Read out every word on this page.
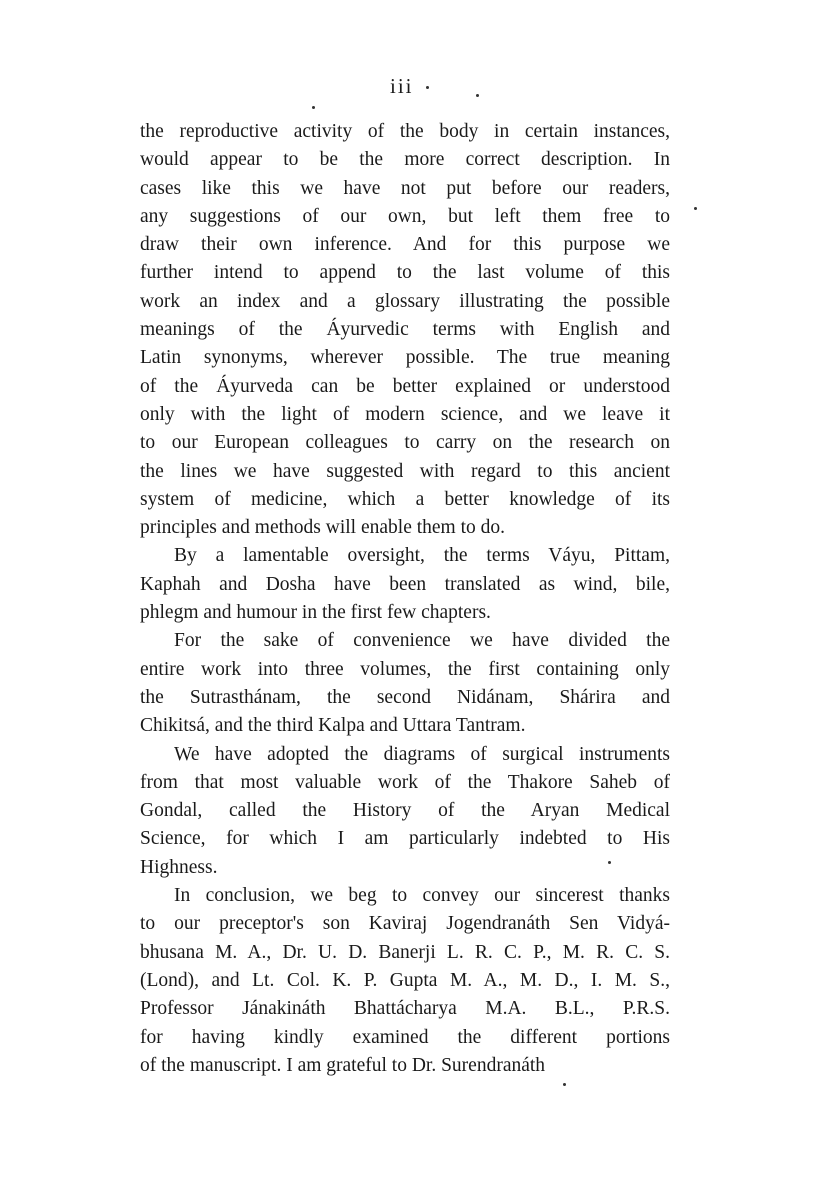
iii
the reproductive activity of the body in certain instances,
would appear to be the more correct description. In
cases like this we have not put before our readers,
any suggestions of our own, but left them free to
draw their own inference. And for this purpose we
further intend to append to the last volume of this
work an index and a glossary illustrating the possible
meanings of the Áyurvedic terms with English and
Latin synonyms, wherever possible. The true meaning
of the Áyurveda can be better explained or understood
only with the light of modern science, and we leave it
to our European colleagues to carry on the research on
the lines we have suggested with regard to this ancient
system of medicine, which a better knowledge of its
principles and methods will enable them to do.
By a lamentable oversight, the terms Váyu, Pittam,
Kaphah and Dosha have been translated as wind, bile,
phlegm and humour in the first few chapters.
For the sake of convenience we have divided the
entire work into three volumes, the first containing only
the Sutrasthánam, the second Nidánam, Shárira and
Chikitsá, and the third Kalpa and Uttara Tantram.
We have adopted the diagrams of surgical instruments
from that most valuable work of the Thakore Saheb of
Gondal, called the History of the Aryan Medical
Science, for which I am particularly indebted to His
Highness.
In conclusion, we beg to convey our sincerest thanks
to our preceptor's son Kaviraj Jogendranáth Sen Vidyá-
bhusana M. A., Dr. U. D. Banerji L. R. C. P., M. R. C. S.
(Lond), and Lt. Col. K. P. Gupta M. A., M. D., I. M. S.,
Professor Jánakináth Bhattácharya M.A. B.L., P.R.S.
for having kindly examined the different portions
of the manuscript. I am grateful to Dr. Surendranáth
